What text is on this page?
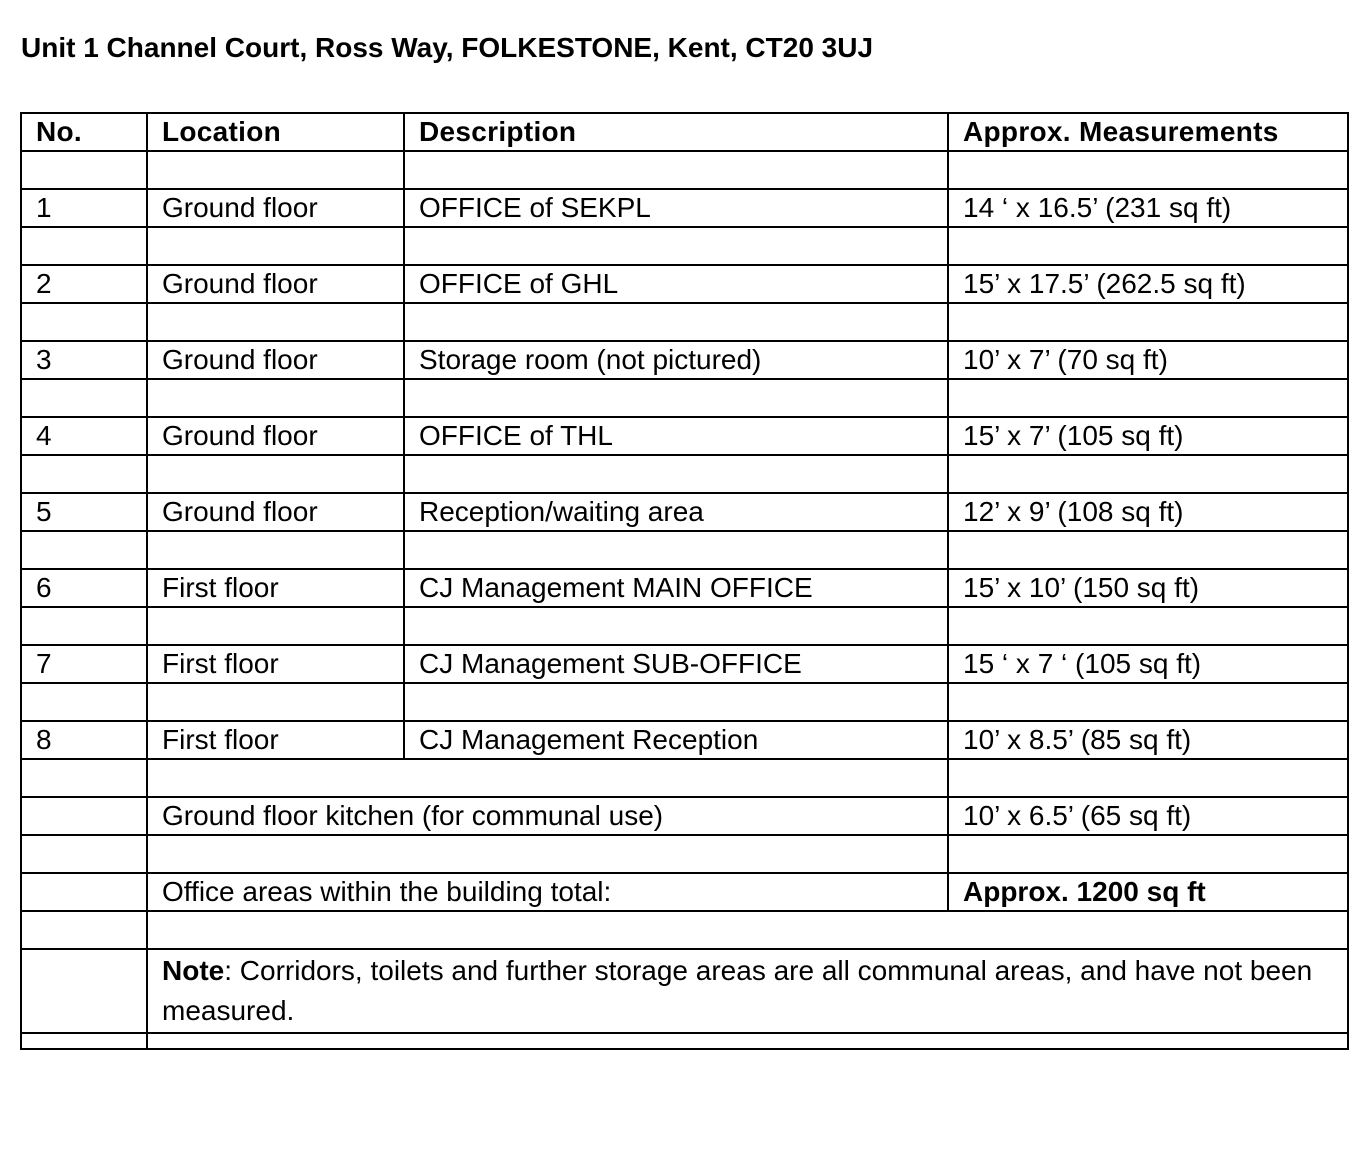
Unit 1 Channel Court, Ross Way, FOLKESTONE, Kent, CT20 3UJ
No.	Location	Description	Approx. Measurements

1	Ground floor	OFFICE of SEKPL	14 ‘ x 16.5’ (231 sq ft)

2	Ground floor	OFFICE of GHL	15’ x 17.5’ (262.5 sq ft)

3	Ground floor	Storage room (not pictured)	10’ x 7’ (70 sq ft)

4	Ground floor	OFFICE of THL	15’ x 7’ (105 sq ft)

5	Ground floor	Reception/waiting area	12’ x 9’ (108 sq ft)

6	First floor	CJ Management MAIN OFFICE	15’ x 10’ (150 sq ft)

7	First floor	CJ Management SUB-OFFICE	15 ‘ x 7 ‘ (105 sq ft)

8	First floor	CJ Management Reception	10’ x 8.5’ (85 sq ft)

	Ground floor kitchen (for communal use)		10’ x 6.5’ (65 sq ft)

	Office areas within the building total:		Approx. 1200 sq ft

	Note: Corridors, toilets and further storage areas are all communal areas, and have not been measured.		
